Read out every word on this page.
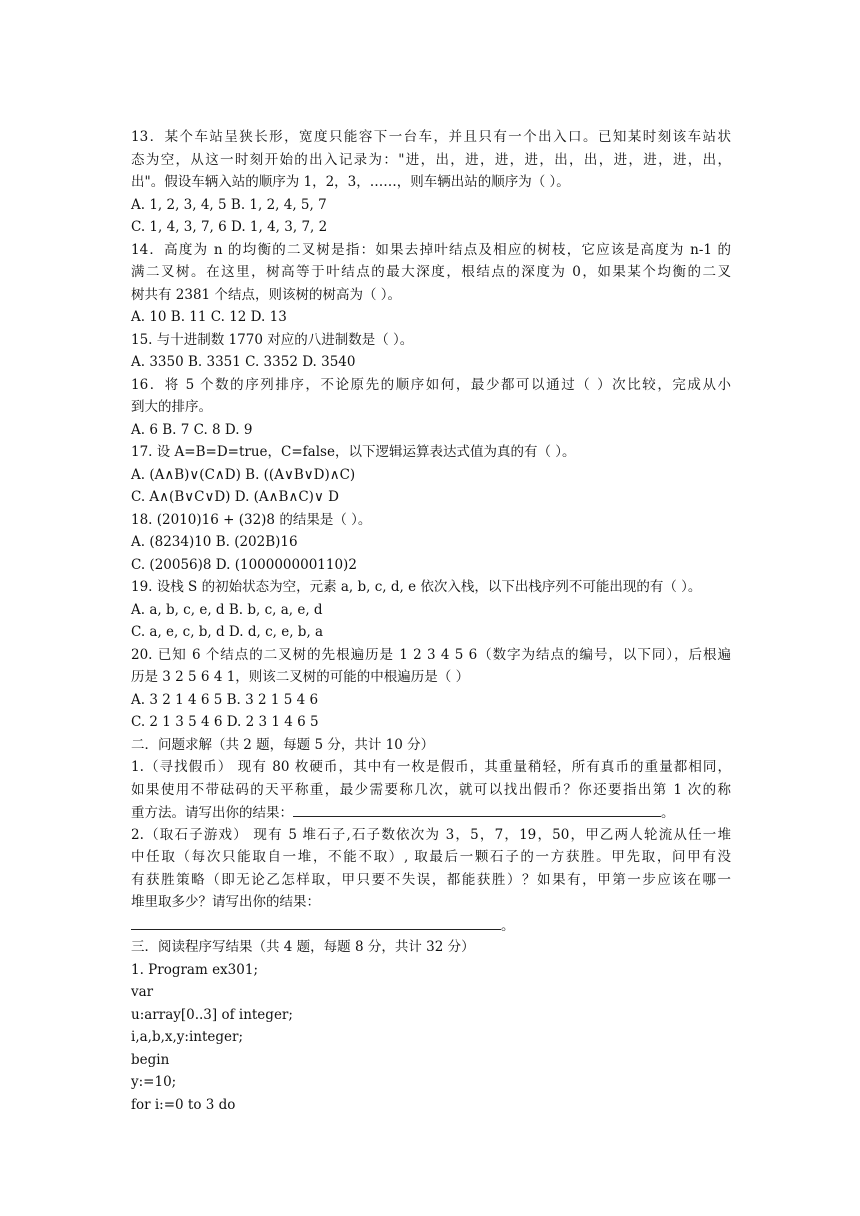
13．某个车站呈狭长形，宽度只能容下一台车，并且只有一个出入口。已知某时刻该车站状
态为空，从这一时刻开始的出入记录为："进，出，进，进，进，出，出，进，进，进，出，
出"。假设车辆入站的顺序为 1，2，3，……，则车辆出站的顺序为（ ）。
A. 1, 2, 3, 4, 5 B. 1, 2, 4, 5, 7
C. 1, 4, 3, 7, 6 D. 1, 4, 3, 7, 2
14．高度为 n 的均衡的二叉树是指：如果去掉叶结点及相应的树枝，它应该是高度为 n-1 的
满二叉树。在这里，树高等于叶结点的最大深度，根结点的深度为 0，如果某个均衡的二叉
树共有 2381 个结点，则该树的树高为（ ）。
A. 10 B. 11 C. 12 D. 13
15. 与十进制数 1770 对应的八进制数是（ ）。
A. 3350 B. 3351 C. 3352 D. 3540
16．将 5 个数的序列排序，不论原先的顺序如何，最少都可以通过（ ）次比较，完成从小
到大的排序。
A. 6 B. 7 C. 8 D. 9
17. 设 A=B=D=true，C=false，以下逻辑运算表达式值为真的有（ ）。
A. (A∧B)∨(C∧D) B. ((A∨B∨D)∧C)
C. A∧(B∨C∨D) D. (A∧B∧C)∨ D
18. (2010)16 + (32)8 的结果是（ ）。
A. (8234)10 B. (202B)16
C. (20056)8 D. (100000000110)2
19. 设栈 S 的初始状态为空，元素 a, b, c, d, e 依次入栈，以下出栈序列不可能出现的有（ ）。
A. a, b, c, e, d B. b, c, a, e, d
C. a, e, c, b, d D. d, c, e, b, a
20. 已知 6 个结点的二叉树的先根遍历是 1 2 3 4 5 6（数字为结点的编号，以下同），后根遍
历是 3 2 5 6 4 1，则该二叉树的可能的中根遍历是（ ）
A. 3 2 1 4 6 5 B. 3 2 1 5 4 6
C. 2 1 3 5 4 6 D. 2 3 1 4 6 5
二．问题求解（共 2 题，每题 5 分，共计 10 分）
1.（寻找假币） 现有 80 枚硬币，其中有一枚是假币，其重量稍轻，所有真币的重量都相同，
如果使用不带砝码的天平称重，最少需要称几次，就可以找出假币？你还要指出第 1 次的称
重方法。请写出你的结果：	。
2.（取石子游戏） 现有 5 堆石子,石子数依次为 3，5，7，19，50，甲乙两人轮流从任一堆
中任取（每次只能取自一堆，不能不取）, 取最后一颗石子的一方获胜。甲先取，问甲有没
有获胜策略（即无论乙怎样取，甲只要不失误，都能获胜）？如果有，甲第一步应该在哪一
堆里取多少？请写出你的结果：
。
三．阅读程序写结果（共 4 题，每题 8 分，共计 32 分）
1. Program ex301;
var
u:array[0..3] of integer;
i,a,b,x,y:integer;
begin
y:=10;
for i:=0 to 3 do
